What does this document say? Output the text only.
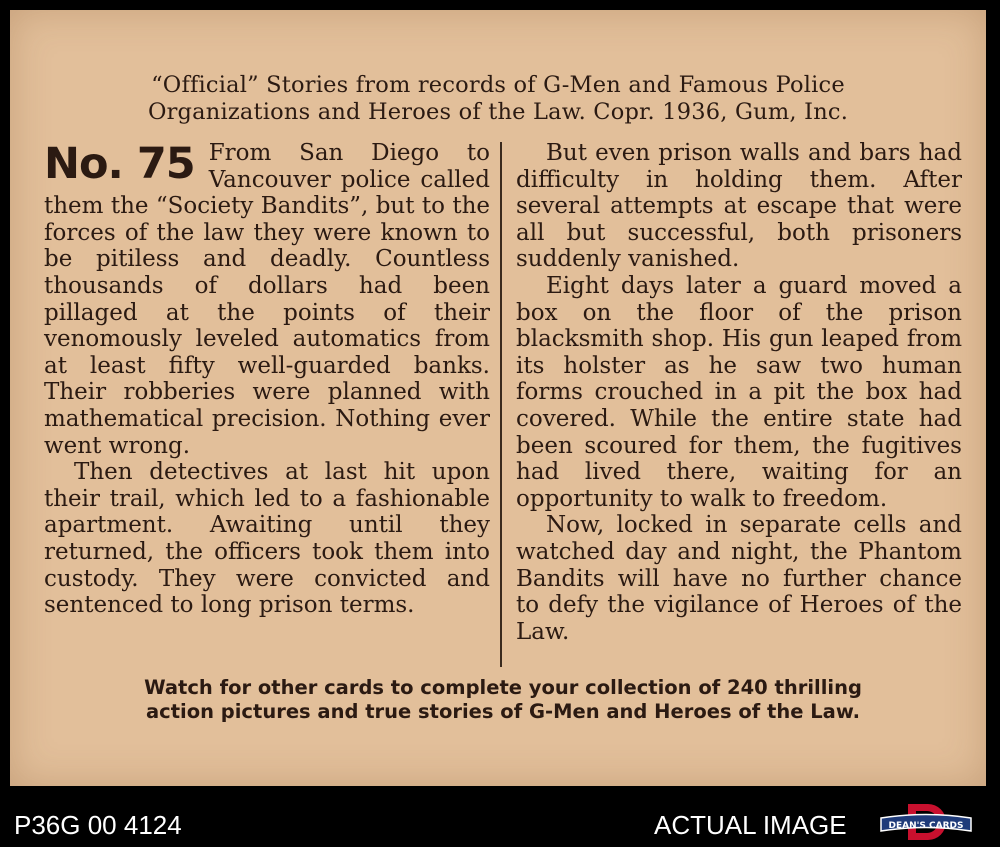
“Official” Stories from records of G-Men and Famous Police
Organizations and Heroes of the Law. Copr. 1936, Gum, Inc.
No. 75 From San Diego to Vancouver police called them the “Society Bandits”, but to the forces of the law they were known to be pitiless and deadly. Countless thousands of dollars had been pillaged at the points of their venomously leveled automatics from at least fifty well-guarded banks. Their robberies were planned with mathematical precision. Nothing ever went wrong.

Then detectives at last hit upon their trail, which led to a fashionable apartment. Awaiting until they returned, the officers took them into custody. They were convicted and sentenced to long prison terms.

But even prison walls and bars had difficulty in holding them. After several attempts at escape that were all but successful, both prisoners suddenly vanished.

Eight days later a guard moved a box on the floor of the prison blacksmith shop. His gun leaped from its holster as he saw two human forms crouched in a pit the box had covered. While the entire state had been scoured for them, the fugitives had lived there, waiting for an opportunity to walk to freedom.

Now, locked in separate cells and watched day and night, the Phantom Bandits will have no further chance to defy the vigilance of Heroes of the Law.

Watch for other cards to complete your collection of 240 thrilling
action pictures and true stories of G-Men and Heroes of the Law.
P36G 00 4124	ACTUAL IMAGE	DEAN'S CARDS
